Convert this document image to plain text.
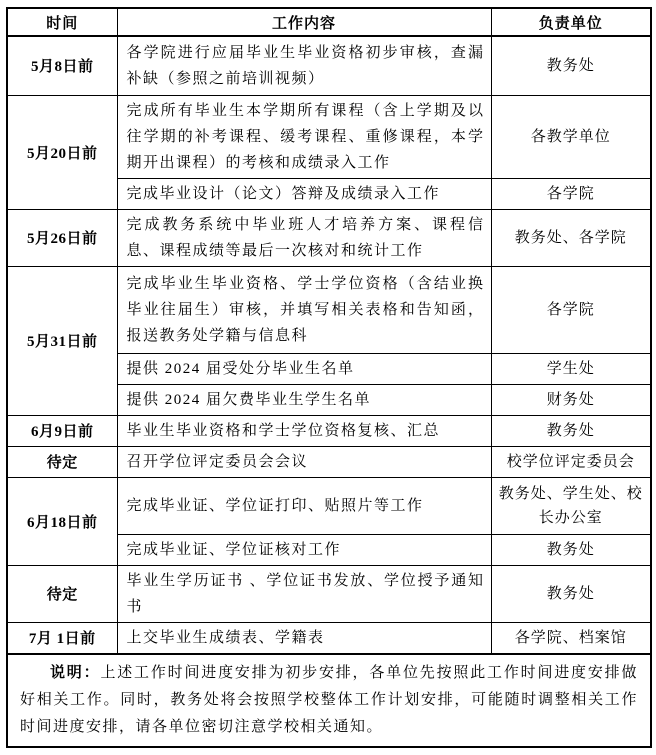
时间	工作内容	负责单位
5月8日前	各学院进行应届毕业生毕业资格初步审核，查漏补缺（参照之前培训视频）	教务处
5月20日前	完成所有毕业生本学期所有课程（含上学期及以往学期的补考课程、缓考课程、重修课程，本学期开出课程）的考核和成绩录入工作	各教学单位
	完成毕业设计（论文）答辩及成绩录入工作	各学院
5月26日前	完成教务系统中毕业班人才培养方案、课程信息、课程成绩等最后一次核对和统计工作	教务处、各学院
5月31日前	完成毕业生毕业资格、学士学位资格（含结业换毕业往届生）审核，并填写相关表格和告知函，报送教务处学籍与信息科	各学院
	提供 2024 届受处分毕业生名单	学生处
	提供 2024 届欠费毕业生学生名单	财务处
6月9日前	毕业生毕业资格和学士学位资格复核、汇总	教务处
待定	召开学位评定委员会会议	校学位评定委员会
6月18日前	完成毕业证、学位证打印、贴照片等工作	教务处、学生处、校长办公室
	完成毕业证、学位证核对工作	教务处
待定	毕业生学历证书 、学位证书发放、学位授予通知书	教务处
7月 1日前	上交毕业生成绩表、学籍表	各学院、档案馆

说明：上述工作时间进度安排为初步安排，各单位先按照此工作时间进度安排做好相关工作。同时，教务处将会按照学校整体工作计划安排，可能随时调整相关工作时间进度安排，请各单位密切注意学校相关通知。		
